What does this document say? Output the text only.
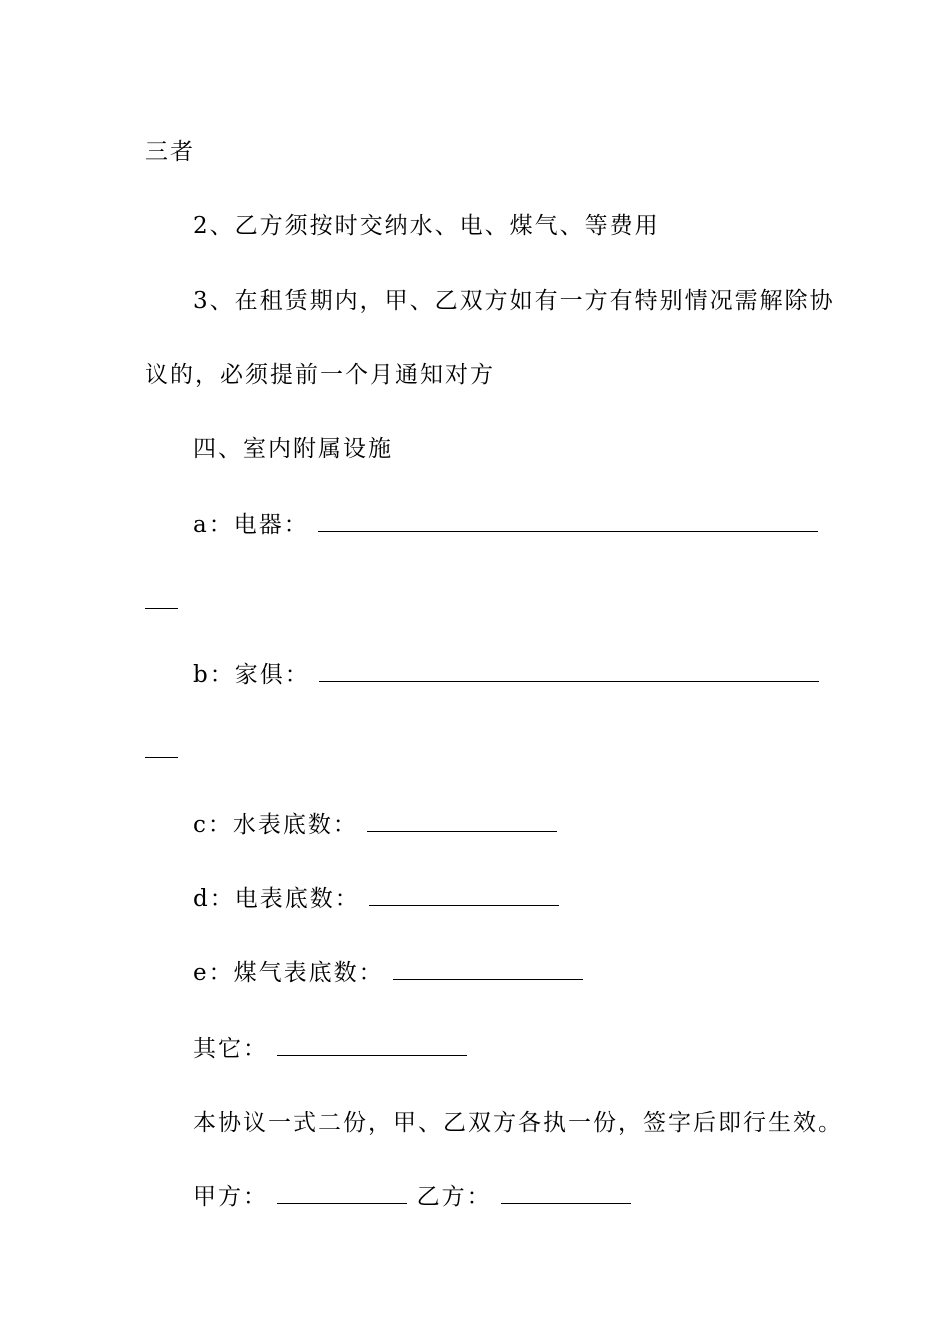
三者
2、乙方须按时交纳水、电、煤气、等费用
3、在租赁期内，甲、乙双方如有一方有特别情况需解除协
议的，必须提前一个月通知对方
四、室内附属设施
a：电器：
b：家俱：
c：水表底数：
d：电表底数：
e：煤气表底数：
其它：
本协议一式二份，甲、乙双方各执一份，签字后即行生效。
甲方：	乙方：
